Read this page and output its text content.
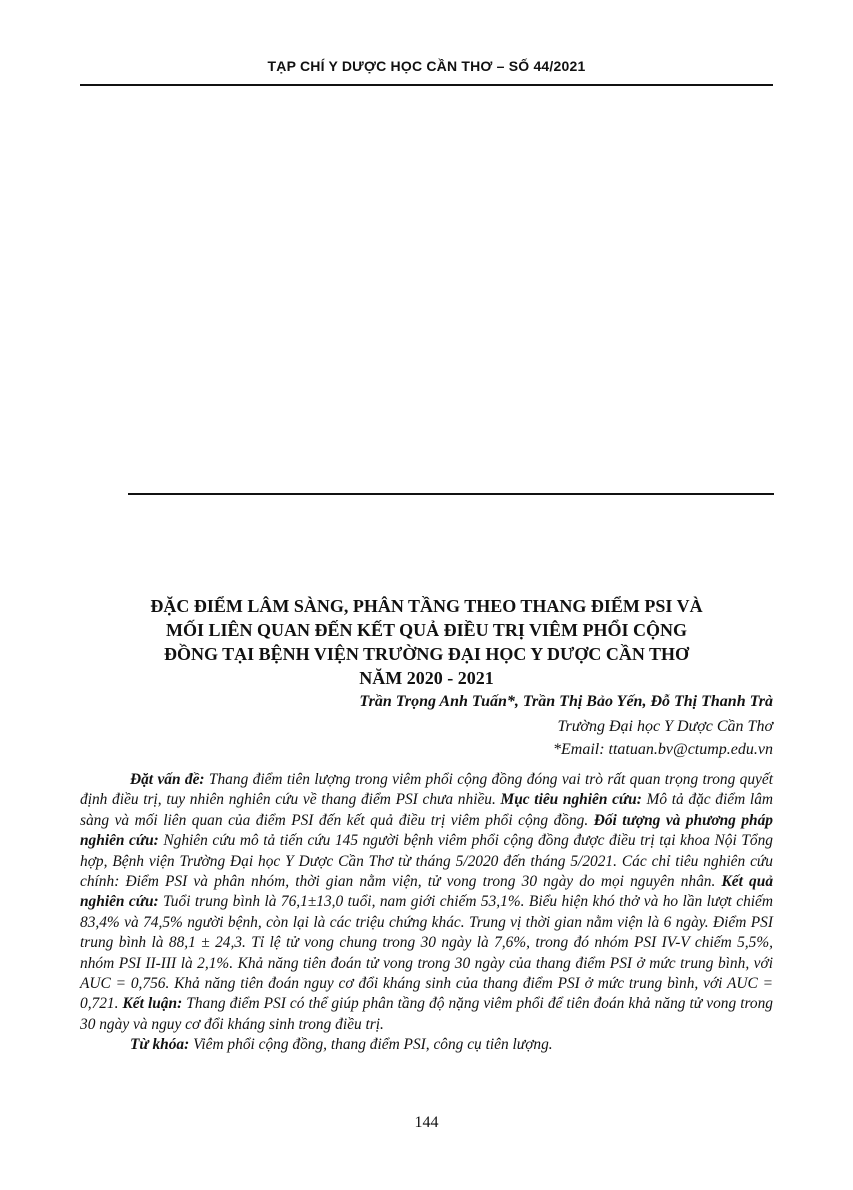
TẠP CHÍ Y DƯỢC HỌC CẦN THƠ – SỐ 44/2021
ĐẶC ĐIỂM LÂM SÀNG, PHÂN TẦNG THEO THANG ĐIỂM PSI VÀ
MỐI LIÊN QUAN ĐẾN KẾT QUẢ ĐIỀU TRỊ VIÊM PHỔI CỘNG
ĐỒNG TẠI BỆNH VIỆN TRƯỜNG ĐẠI HỌC Y DƯỢC CẦN THƠ
NĂM 2020 - 2021
Trần Trọng Anh Tuấn*, Trần Thị Bảo Yến, Đỗ Thị Thanh Trà
Trường Đại học Y Dược Cần Thơ
*Email: ttatuan.bv@ctump.edu.vn

Đặt vấn đề: Thang điểm tiên lượng trong viêm phổi cộng đồng đóng vai trò rất quan trọng trong quyết định điều trị, tuy nhiên nghiên cứu về thang điểm PSI chưa nhiều. Mục tiêu nghiên cứu: Mô tả đặc điểm lâm sàng và mối liên quan của điểm PSI đến kết quả điều trị viêm phổi cộng đồng. Đối tượng và phương pháp nghiên cứu: Nghiên cứu mô tả tiến cứu 145 người bệnh viêm phổi cộng đồng được điều trị tại khoa Nội Tổng hợp, Bệnh viện Trường Đại học Y Dược Cần Thơ từ tháng 5/2020 đến tháng 5/2021. Các chỉ tiêu nghiên cứu chính: Điểm PSI và phân nhóm, thời gian nằm viện, tử vong trong 30 ngày do mọi nguyên nhân. Kết quả nghiên cứu: Tuổi trung bình là 76,1±13,0 tuổi, nam giới chiếm 53,1%. Biểu hiện khó thở và ho lần lượt chiếm 83,4% và 74,5% người bệnh, còn lại là các triệu chứng khác. Trung vị thời gian nằm viện là 6 ngày. Điểm PSI trung bình là 88,1 ± 24,3. Tỉ lệ tử vong chung trong 30 ngày là 7,6%, trong đó nhóm PSI IV-V chiếm 5,5%, nhóm PSI II-III là 2,1%. Khả năng tiên đoán tử vong trong 30 ngày của thang điểm PSI ở mức trung bình, với AUC = 0,756. Khả năng tiên đoán nguy cơ đổi kháng sinh của thang điểm PSI ở mức trung bình, với AUC = 0,721. Kết luận: Thang điểm PSI có thể giúp phân tầng độ nặng viêm phổi để tiên đoán khả năng tử vong trong 30 ngày và nguy cơ đổi kháng sinh trong điều trị.

Từ khóa: Viêm phổi cộng đồng, thang điểm PSI, công cụ tiên lượng.

144
